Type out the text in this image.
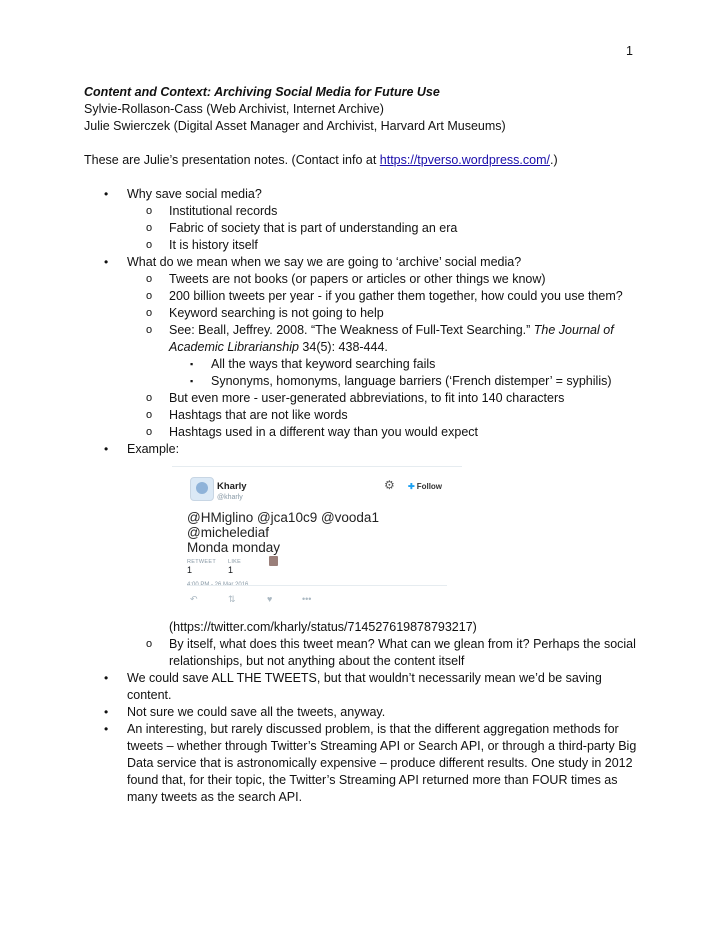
1
Content and Context: Archiving Social Media for Future Use
Sylvie-Rollason-Cass (Web Archivist, Internet Archive)
Julie Swierczek (Digital Asset Manager and Archivist, Harvard Art Museums)
These are Julie’s presentation notes. (Contact info at https://tpverso.wordpress.com/.)
• Why save social media?
o Institutional records
o Fabric of society that is part of understanding an era
o It is history itself
• What do we mean when we say we are going to ‘archive’ social media?
o Tweets are not books (or papers or articles or other things we know)
o 200 billion tweets per year - if you gather them together, how could you use them?
o Keyword searching is not going to help
o See: Beall, Jeffrey. 2008. “The Weakness of Full-Text Searching.” The Journal of Academic Librarianship 34(5): 438-444.
▪ All the ways that keyword searching fails
▪ Synonyms, homonyms, language barriers (‘French distemper’ = syphilis)
o But even more - user-generated abbreviations, to fit into 140 characters
o Hashtags that are not like words
o Hashtags used in a different way than you would expect
• Example:
Kharly
@kharly
⚙	✚ Follow
@HMiglino @jca10c9 @vooda1 @michelediaf
Monda monday
RETWEET
1
LIKE
1
↶	⇅	♥	•••
(https://twitter.com/kharly/status/714527619878793217)
o By itself, what does this tweet mean? What can we glean from it? Perhaps the social relationships, but not anything about the content itself
• We could save ALL THE TWEETS, but that wouldn’t necessarily mean we’d be saving content.
• Not sure we could save all the tweets, anyway.
• An interesting, but rarely discussed problem, is that the different aggregation methods for tweets – whether through Twitter’s Streaming API or Search API, or through a third-party Big Data service that is astronomically expensive – produce different results. One study in 2012 found that, for their topic, the Twitter’s Streaming API returned more than FOUR times as many tweets as the search API.
